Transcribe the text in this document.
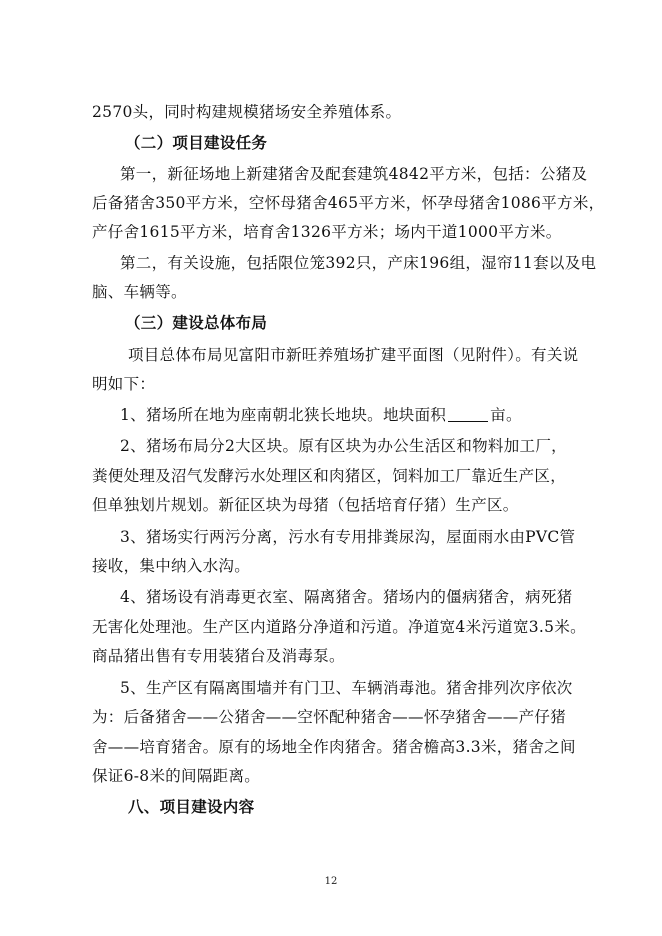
2570头，同时构建规模猪场安全养殖体系。
（二）项目建设任务
第一，新征场地上新建猪舍及配套建筑4842平方米，包括：公猪及
后备猪舍350平方米，空怀母猪舍465平方米，怀孕母猪舍1086平方米，
产仔舍1615平方米，培育舍1326平方米；场内干道1000平方米。
第二，有关设施，包括限位笼392只，产床196组，湿帘11套以及电
脑、车辆等。
（三）建设总体布局
项目总体布局见富阳市新旺养殖场扩建平面图（见附件）。有关说
明如下：
1、猪场所在地为座南朝北狭长地块。地块面积	亩。
2、猪场布局分2大区块。原有区块为办公生活区和物料加工厂，
粪便处理及沼气发酵污水处理区和肉猪区，饲料加工厂靠近生产区，
但单独划片规划。新征区块为母猪（包括培育仔猪）生产区。
3、猪场实行两污分离，污水有专用排粪尿沟，屋面雨水由PVC管
接收，集中纳入水沟。
4、猪场设有消毒更衣室、隔离猪舍。猪场内的僵病猪舍，病死猪
无害化处理池。生产区内道路分净道和污道。净道宽4米污道宽3.5米。
商品猪出售有专用装猪台及消毒泵。
5、生产区有隔离围墙并有门卫、车辆消毒池。猪舍排列次序依次
为：后备猪舍——公猪舍——空怀配种猪舍——怀孕猪舍——产仔猪
舍——培育猪舍。原有的场地全作肉猪舍。猪舍檐高3.3米，猪舍之间
保证6-8米的间隔距离。
八、项目建设内容
12
